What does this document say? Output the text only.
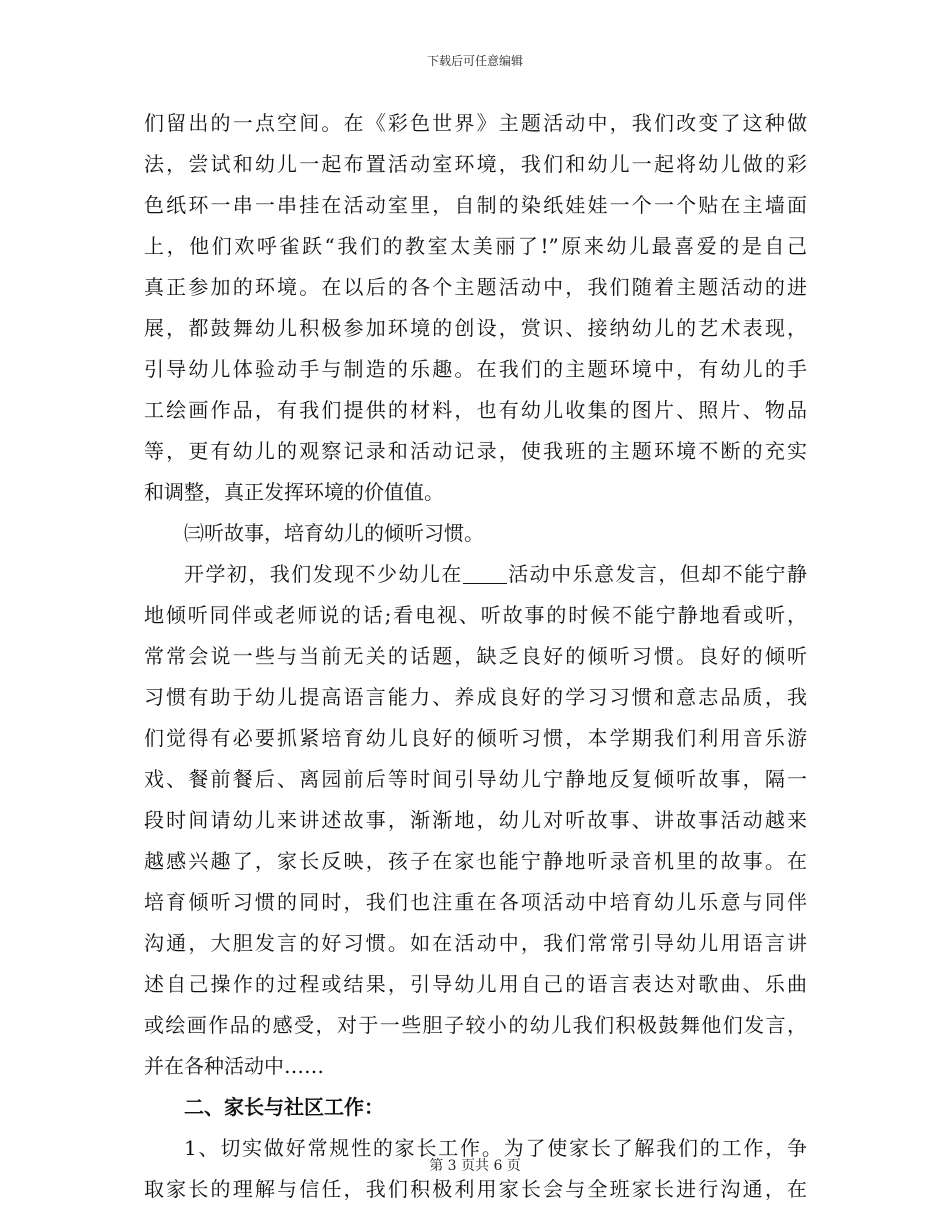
下载后可任意编辑
们留出的一点空间。在《彩色世界》主题活动中，我们改变了这种做
法，尝试和幼儿一起布置活动室环境，我们和幼儿一起将幼儿做的彩
色纸环一串一串挂在活动室里，自制的染纸娃娃一个一个贴在主墙面
上，他们欢呼雀跃“我们的教室太美丽了!”原来幼儿最喜爱的是自己
真正参加的环境。在以后的各个主题活动中，我们随着主题活动的进
展，都鼓舞幼儿积极参加环境的创设，赏识、接纳幼儿的艺术表现，
引导幼儿体验动手与制造的乐趣。在我们的主题环境中，有幼儿的手
工绘画作品，有我们提供的材料，也有幼儿收集的图片、照片、物品
等，更有幼儿的观察记录和活动记录，使我班的主题环境不断的充实
和调整，真正发挥环境的价值值。
㈢听故事，培育幼儿的倾听习惯。
开学初，我们发现不少幼儿在 活动中乐意发言，但却不能宁静
地倾听同伴或老师说的话;看电视、听故事的时候不能宁静地看或听，
常常会说一些与当前无关的话题，缺乏良好的倾听习惯。良好的倾听
习惯有助于幼儿提高语言能力、养成良好的学习习惯和意志品质，我
们觉得有必要抓紧培育幼儿良好的倾听习惯，本学期我们利用音乐游
戏、餐前餐后、离园前后等时间引导幼儿宁静地反复倾听故事，隔一
段时间请幼儿来讲述故事，渐渐地，幼儿对听故事、讲故事活动越来
越感兴趣了，家长反映，孩子在家也能宁静地听录音机里的故事。在
培育倾听习惯的同时，我们也注重在各项活动中培育幼儿乐意与同伴
沟通，大胆发言的好习惯。如在活动中，我们常常引导幼儿用语言讲
述自己操作的过程或结果，引导幼儿用自己的语言表达对歌曲、乐曲
或绘画作品的感受，对于一些胆子较小的幼儿我们积极鼓舞他们发言，
并在各种活动中……
二、家长与社区工作：
1、切实做好常规性的家长工作。为了使家长了解我们的工作，争
取家长的理解与信任，我们积极利用家长会与全班家长进行沟通，在
第 3 页共 6 页
